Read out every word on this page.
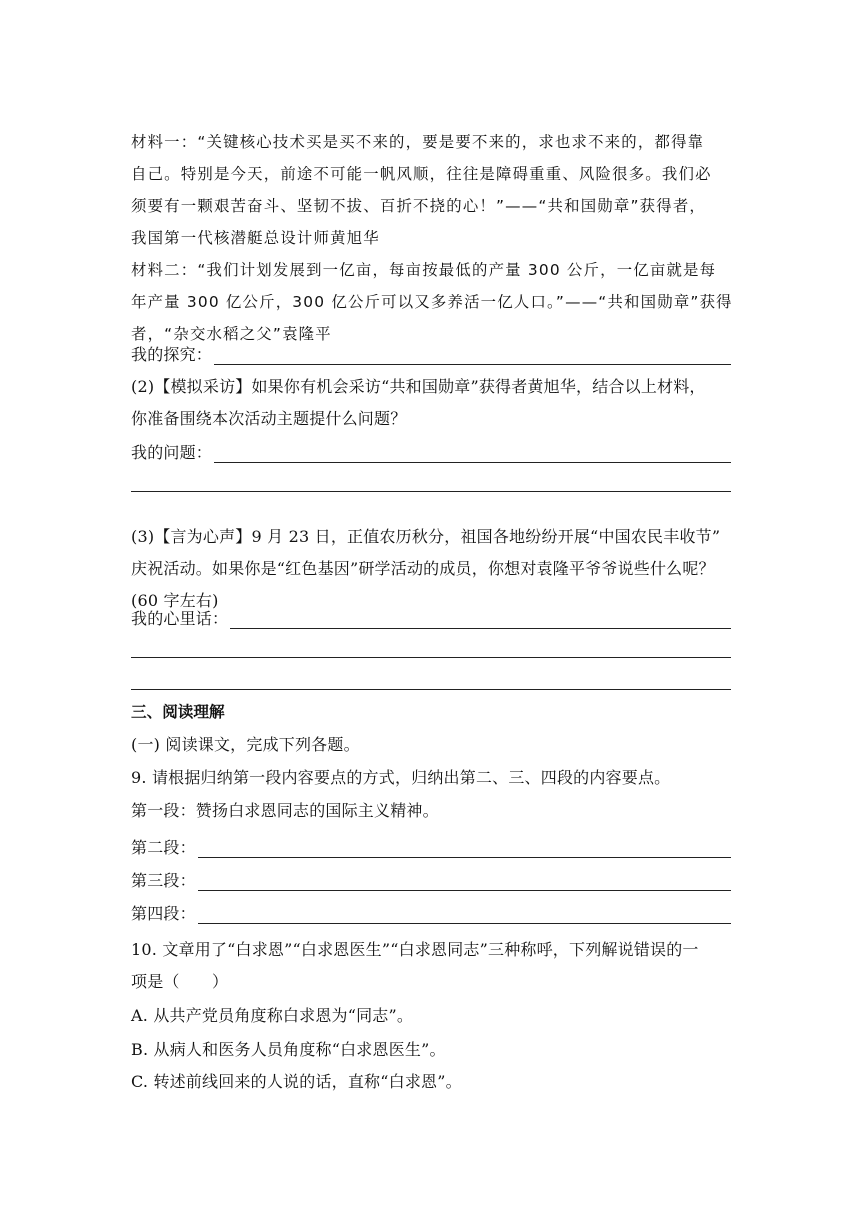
材料一：“关键核心技术买是买不来的，要是要不来的，求也求不来的，都得靠
自己。特别是今天，前途不可能一帆风顺，往往是障碍重重、风险很多。我们必
须要有一颗艰苦奋斗、坚韧不拔、百折不挠的心！”——“共和国勋章”获得者，
我国第一代核潜艇总设计师黄旭华
材料二：“我们计划发展到一亿亩，每亩按最低的产量 300 公斤，一亿亩就是每
年产量 300 亿公斤，300 亿公斤可以又多养活一亿人口。”——“共和国勋章”获得
者，“杂交水稻之父”袁隆平
我的探究：
(2)【模拟采访】如果你有机会采访“共和国勋章”获得者黄旭华，结合以上材料，
你准备围绕本次活动主题提什么问题？
我的问题：
(3)【言为心声】9 月 23 日，正值农历秋分，祖国各地纷纷开展“中国农民丰收节”
庆祝活动。如果你是“红色基因”研学活动的成员，你想对袁隆平爷爷说些什么呢？
(60 字左右)
我的心里话：
三、阅读理解
(一) 阅读课文，完成下列各题。
9. 请根据归纳第一段内容要点的方式，归纳出第二、三、四段的内容要点。
第一段：赞扬白求恩同志的国际主义精神。
第二段：
第三段：
第四段：
10. 文章用了“白求恩”“白求恩医生”“白求恩同志”三种称呼，下列解说错误的一
项是（　　）
A. 从共产党员角度称白求恩为“同志”。
B. 从病人和医务人员角度称“白求恩医生”。
C. 转述前线回来的人说的话，直称“白求恩”。
